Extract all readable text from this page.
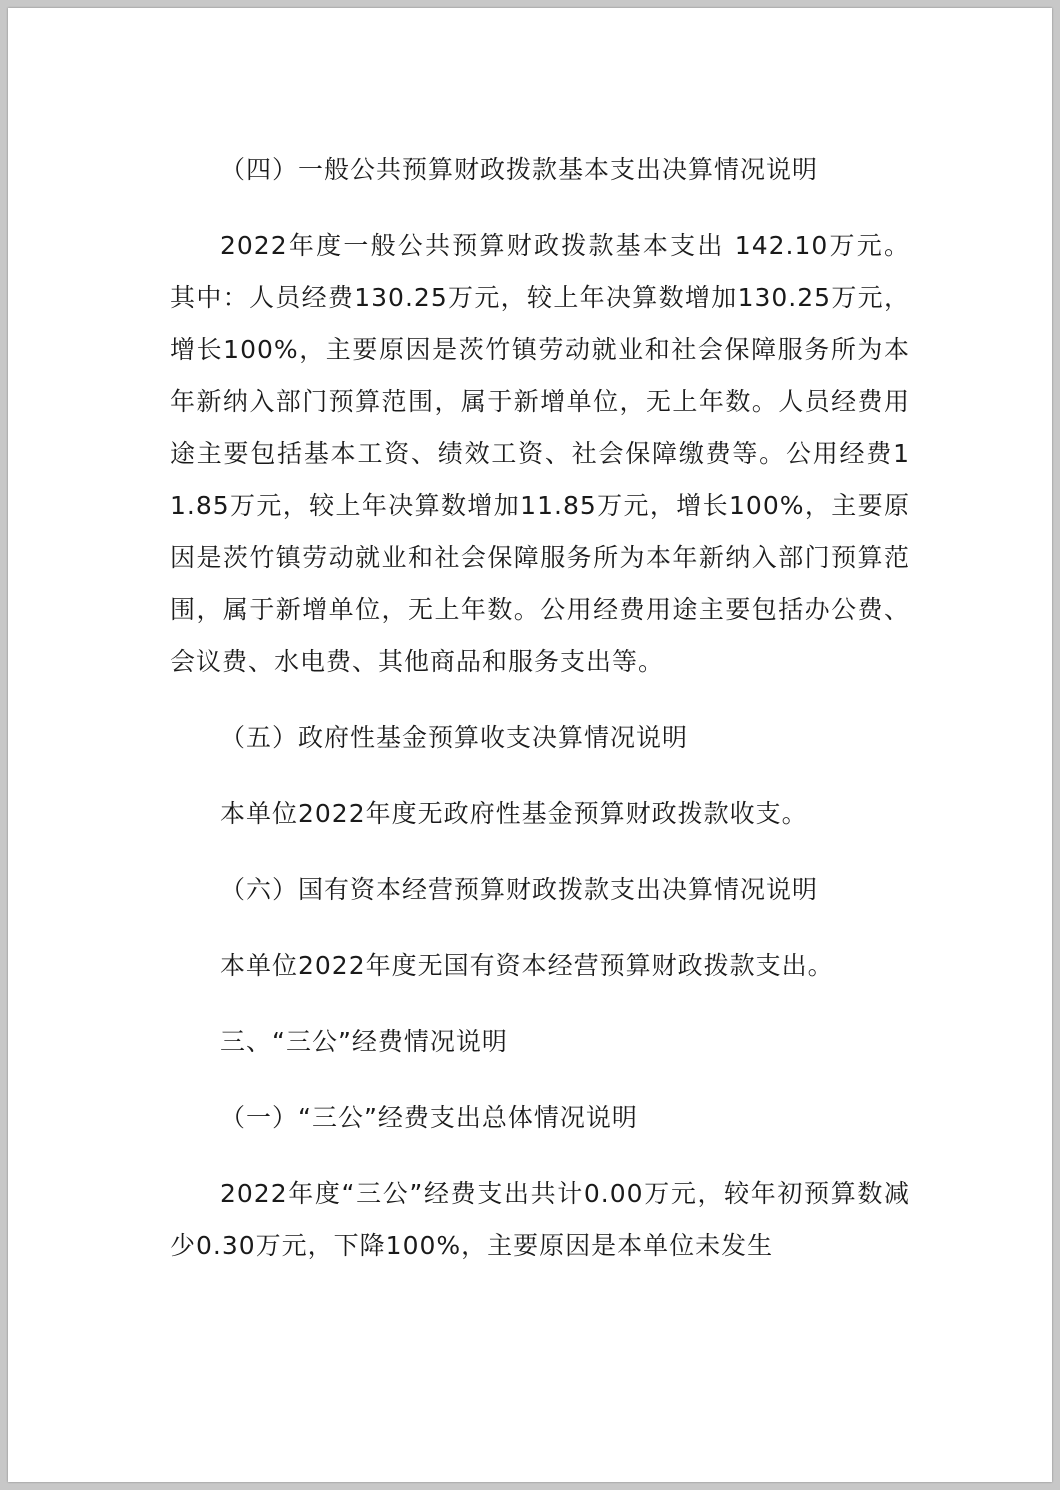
（四）一般公共预算财政拨款基本支出决算情况说明

2022年度一般公共预算财政拨款基本支出 142.10万元。其中：人员经费130.25万元，较上年决算数增加130.25万元，增长100%，主要原因是茨竹镇劳动就业和社会保障服务所为本年新纳入部门预算范围，属于新增单位，无上年数。人员经费用途主要包括基本工资、绩效工资、社会保障缴费等。公用经费11.85万元，较上年决算数增加11.85万元，增长100%，主要原因是茨竹镇劳动就业和社会保障服务所为本年新纳入部门预算范围，属于新增单位，无上年数。公用经费用途主要包括办公费、会议费、水电费、其他商品和服务支出等。

（五）政府性基金预算收支决算情况说明

本单位2022年度无政府性基金预算财政拨款收支。

（六）国有资本经营预算财政拨款支出决算情况说明

本单位2022年度无国有资本经营预算财政拨款支出。

三、“三公”经费情况说明

（一）“三公”经费支出总体情况说明

2022年度“三公”经费支出共计0.00万元，较年初预算数减少0.30万元，下降100%，主要原因是本单位未发生
